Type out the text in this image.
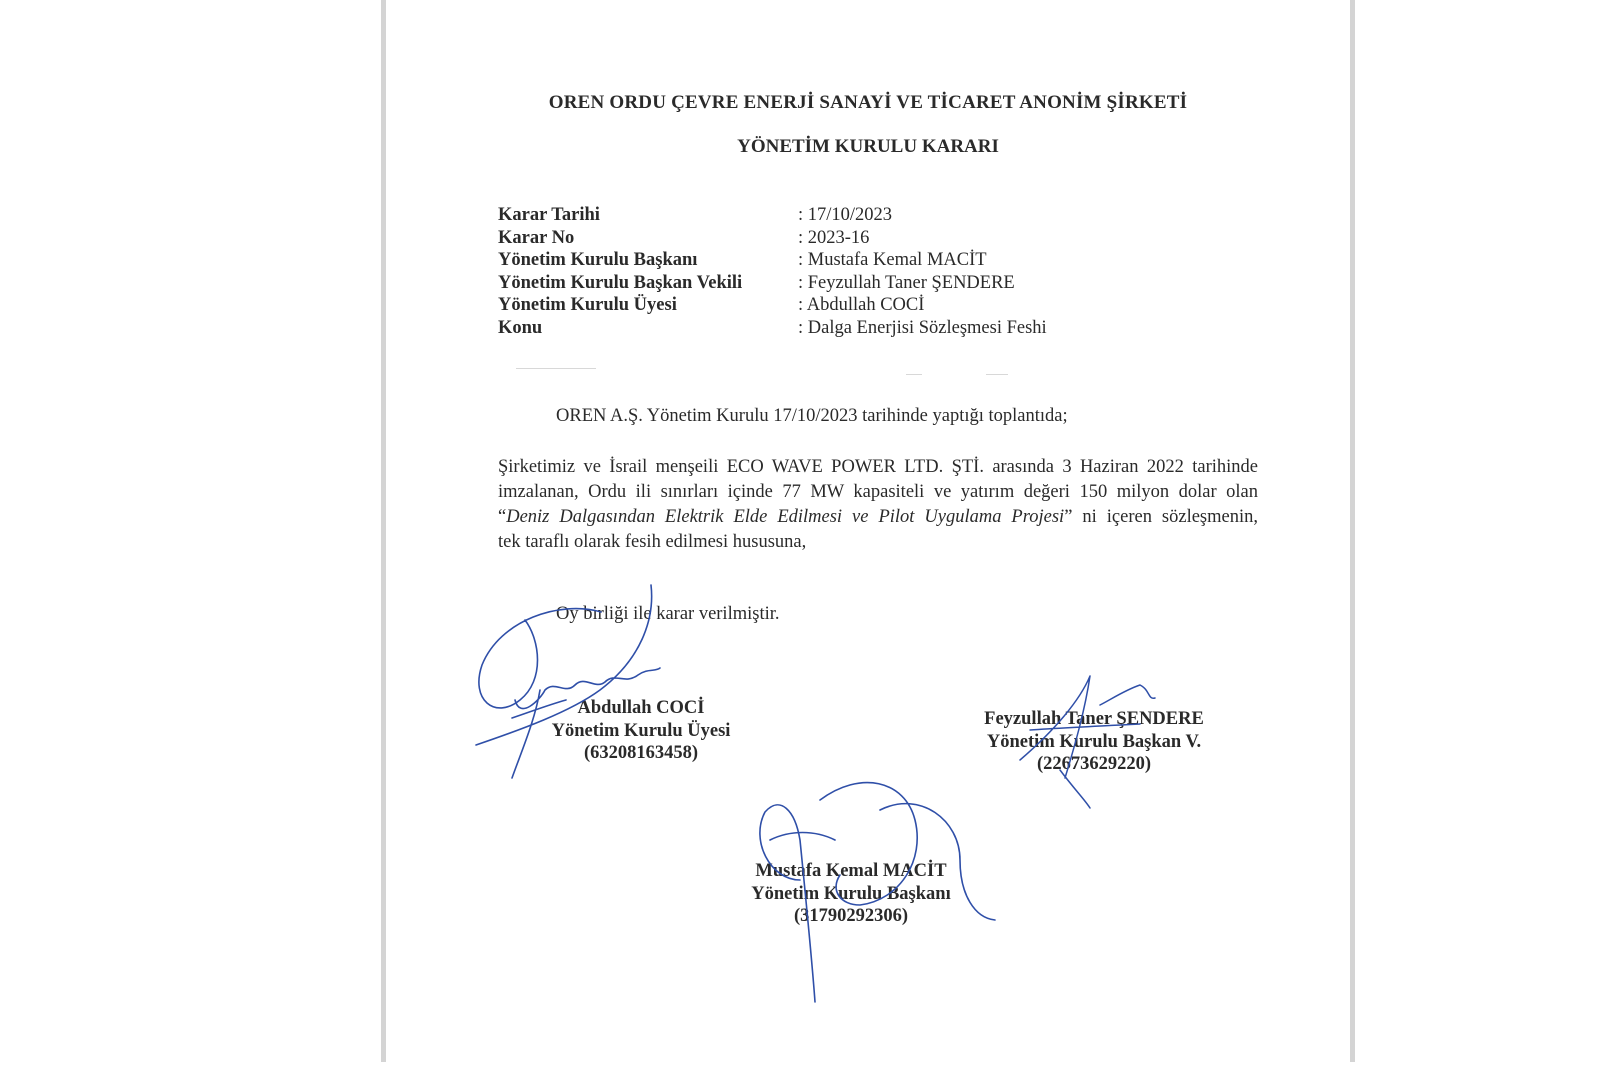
OREN ORDU ÇEVRE ENERJİ SANAYİ VE TİCARET ANONİM ŞİRKETİ
YÖNETİM KURULU KARARI
Karar Tarihi	: 17/10/2023
Karar No	: 2023-16
Yönetim Kurulu Başkanı	: Mustafa Kemal MACİT
Yönetim Kurulu Başkan Vekili	: Feyzullah Taner ŞENDERE
Yönetim Kurulu Üyesi	: Abdullah COCİ
Konu	: Dalga Enerjisi Sözleşmesi Feshi
OREN A.Ş. Yönetim Kurulu 17/10/2023 tarihinde yaptığı toplantıda;
Şirketimiz ve İsrail menşeili ECO WAVE POWER LTD. ŞTİ. arasında 3 Haziran 2022 tarihinde
imzalanan, Ordu ili sınırları içinde 77 MW kapasiteli ve yatırım değeri 150 milyon dolar olan
“Deniz Dalgasından Elektrik Elde Edilmesi ve Pilot Uygulama Projesi” ni içeren sözleşmenin,
tek taraflı olarak fesih edilmesi hususuna,
Oy birliği ile karar verilmiştir.
Abdullah COCİ
Yönetim Kurulu Üyesi
(63208163458)
Feyzullah Taner ŞENDERE
Yönetim Kurulu Başkan V.
(22673629220)
Mustafa Kemal MACİT
Yönetim Kurulu Başkanı
(31790292306)
